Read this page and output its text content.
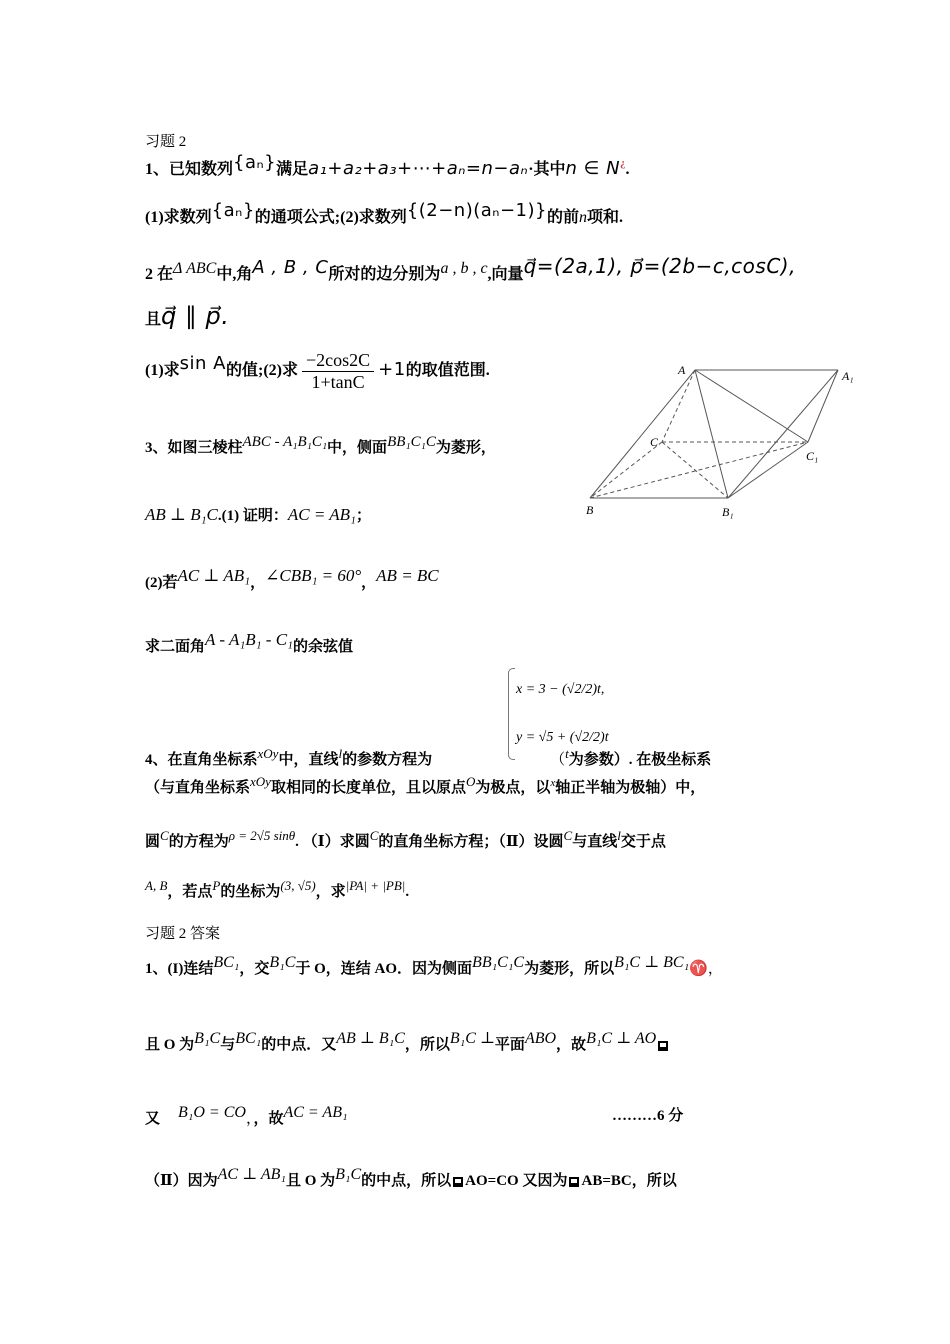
习题 2
1、已知数列{aₙ}满足a₁+a₂+a₃+⋯+aₙ=n−aₙ·其中n ∈ N¿.
(1)求数列{aₙ}的通项公式;(2)求数列{(2−n)(aₙ−1)}的前n项和.
2 在Δ ABC中,角A , B , C所对的边分别为a , b , c,向量q⃗=(2a,1), p⃗=(2b−c,cosC),
且q⃗ ∥ p⃗.
(1)求sin A的值;(2)求 $\frac{-2\cos 2C}{1+\tan C} +1$的取值范围.
3、如图三棱柱ABC - A₁B₁C₁中，侧面BB₁C₁C为菱形，
AB ⊥ B₁C.(1) 证明：AC = AB₁；
(2)若AC ⊥ AB₁，∠CBB₁ = 60°，AB = BC
求二面角A - A₁B₁ - C₁的余弦值
A	A₁
C
C₁
B	B₁
x = 3 − (√2/2)t,
y = √5 + (√2/2)t
4、在直角坐标系xOy中，直线l的参数方程为	（t为参数）. 在极坐标系
（与直角坐标系xOy取相同的长度单位，且以原点O为极点，以$^x$轴正半轴为极轴）中，
圆C的方程为ρ = 2√5 sinθ. （Ⅰ）求圆C的直角坐标方程；（Ⅱ）设圆C与直线l交于点
A, B，若点P的坐标为(3, √5)，求|PA| + |PB|.
习题 2 答案
1、(I)连结BC₁，交B₁C于 O，连结 AO．因为侧面BB₁C₁C为菱形，所以B₁C ⊥ BC₁♈，
且 O 为B₁C与BC₁的中点．又AB ⊥ B₁C，所以B₁C ⊥平面ABO，故B₁C ⊥ AO
又 B₁O = CO，，故AC = AB₁	………6 分
（Ⅱ）因为AC ⊥ AB₁且 O 为B₁C的中点，所以 AO=CO 又因为 AB=BC，所以
